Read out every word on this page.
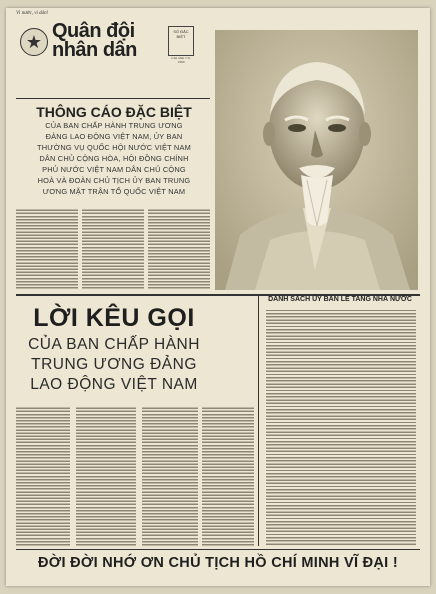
Vì nước, vì dân!
★ Quân đội nhân dân
SỐ ĐẶC BIỆT
Chủ nhật 7-9-1969
THÔNG CÁO ĐẶC BIỆT
CỦA BAN CHẤP HÀNH TRUNG ƯƠNG
ĐẢNG LAO ĐỘNG VIỆT NAM, ỦY BAN
THƯỜNG VỤ QUỐC HỘI NƯỚC VIỆT NAM
DÂN CHỦ CỘNG HÒA, HỘI ĐỒNG CHÍNH
PHỦ NƯỚC VIỆT NAM DÂN CHỦ CỘNG
HOÀ VÀ ĐOÀN CHỦ TỊCH ỦY BAN TRUNG
ƯƠNG MẶT TRẬN TỔ QUỐC VIỆT NAM
LỜI KÊU GỌI
CỦA BAN CHẤP HÀNH
TRUNG ƯƠNG ĐẢNG
LAO ĐỘNG VIỆT NAM
DANH SÁCH ỦY BAN LỄ TANG NHÀ NƯỚC
ĐỜI ĐỜI NHỚ ƠN CHỦ TỊCH HỒ CHÍ MINH VĨ ĐẠI !
